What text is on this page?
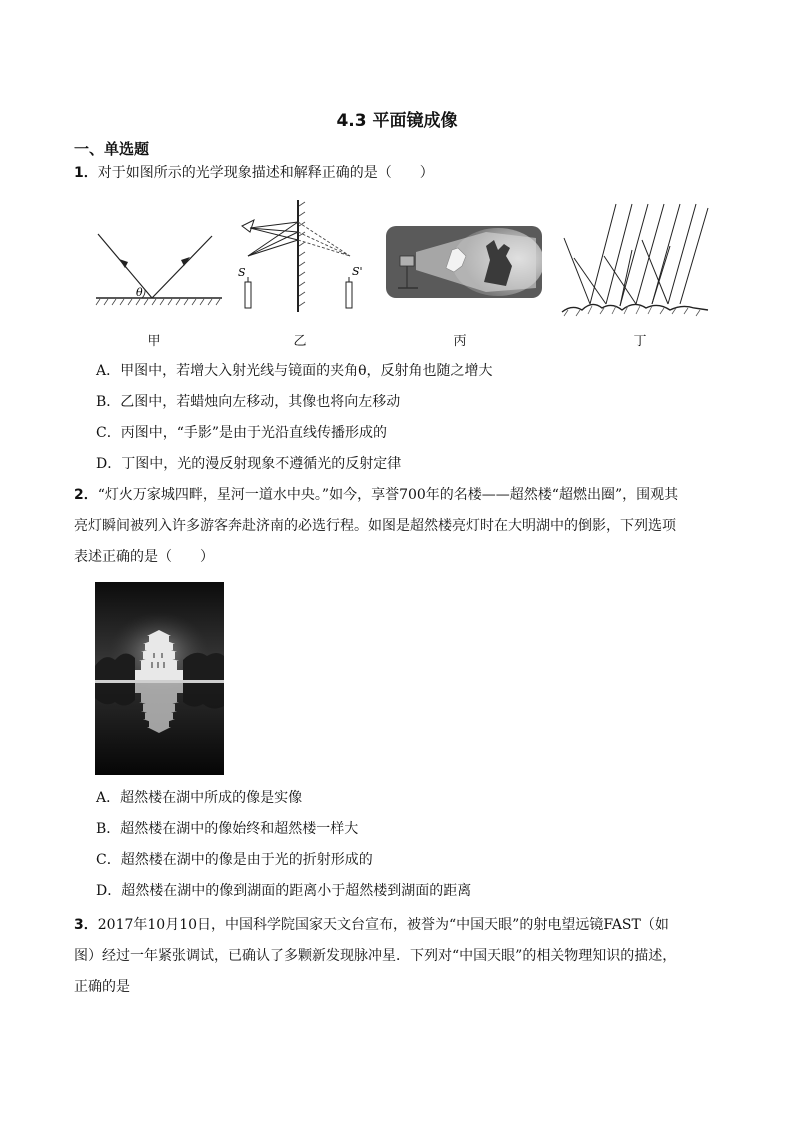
4.3 平面镜成像
一、单选题
1．对于如图所示的光学现象描述和解释正确的是（　　）
θ
甲
S	S'
乙	丙	丁
A．甲图中，若增大入射光线与镜面的夹角θ，反射角也随之增大
B．乙图中，若蜡烛向左移动，其像也将向左移动
C．丙图中，“手影”是由于光沿直线传播形成的
D．丁图中，光的漫反射现象不遵循光的反射定律
2．“灯火万家城四畔，星河一道水中央。”如今，享誉700年的名楼——超然楼“超燃出圈”，围观其
亮灯瞬间被列入许多游客奔赴济南的必选行程。如图是超然楼亮灯时在大明湖中的倒影，下列选项
表述正确的是（　　）
A．超然楼在湖中所成的像是实像
B．超然楼在湖中的像始终和超然楼一样大
C．超然楼在湖中的像是由于光的折射形成的
D．超然楼在湖中的像到湖面的距离小于超然楼到湖面的距离
3．2017年10月10日，中国科学院国家天文台宣布，被誉为“中国天眼”的射电望远镜FAST（如
图）经过一年紧张调试，已确认了多颗新发现脉冲星．下列对“中国天眼”的相关物理知识的描述，
正确的是
